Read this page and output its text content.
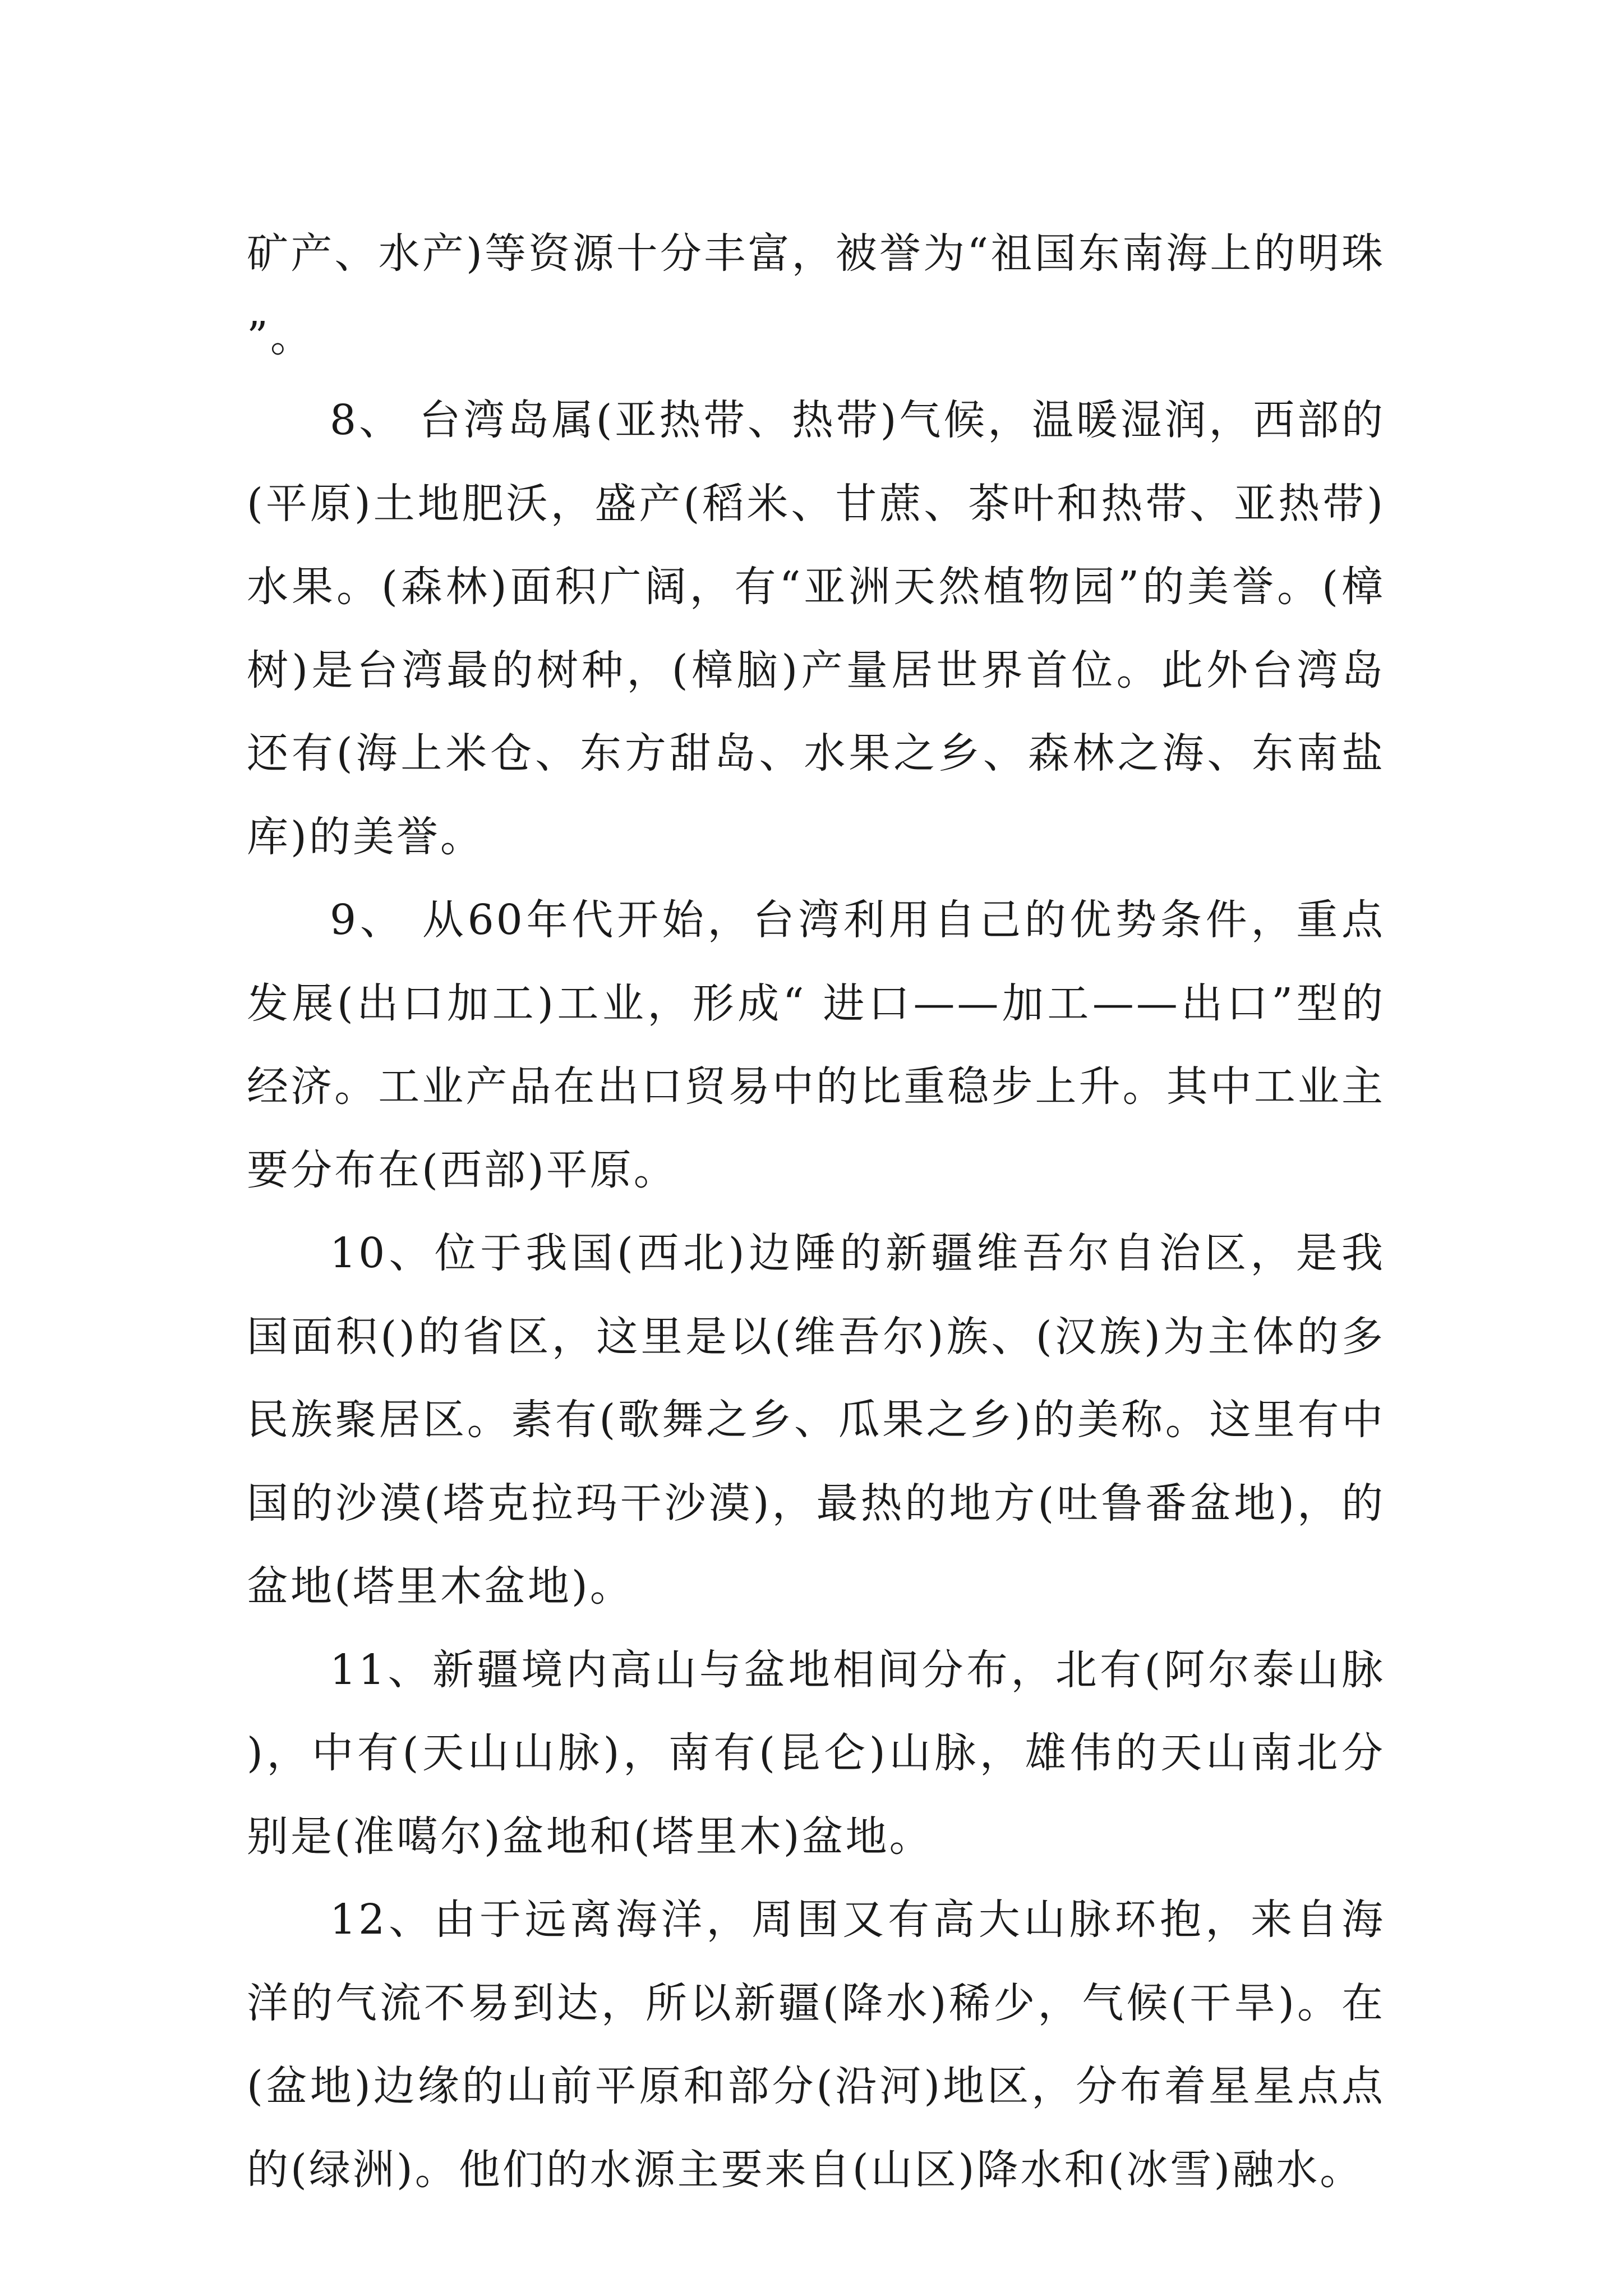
矿产、水产)等资源十分丰富，被誉为“祖国东南海上的明珠”。

8、 台湾岛属(亚热带、热带)气候，温暖湿润，西部的(平原)土地肥沃，盛产(稻米、甘蔗、茶叶和热带、亚热带)水果。(森林)面积广阔，有“亚洲天然植物园”的美誉。(樟树)是台湾最的树种，(樟脑)产量居世界首位。此外台湾岛还有(海上米仓、东方甜岛、水果之乡、森林之海、东南盐库)的美誉。

9、 从60年代开始，台湾利用自己的优势条件，重点发展(出口加工)工业，形成“ 进口——加工——出口”型的经济。工业产品在出口贸易中的比重稳步上升。其中工业主要分布在(西部)平原。

10、位于我国(西北)边陲的新疆维吾尔自治区，是我国面积()的省区，这里是以(维吾尔)族、(汉族)为主体的多民族聚居区。素有(歌舞之乡、瓜果之乡)的美称。这里有中国的沙漠(塔克拉玛干沙漠)，最热的地方(吐鲁番盆地)，的盆地(塔里木盆地)。

11、新疆境内高山与盆地相间分布，北有(阿尔泰山脉)，中有(天山山脉)，南有(昆仑)山脉，雄伟的天山南北分别是(准噶尔)盆地和(塔里木)盆地。

12、由于远离海洋，周围又有高大山脉环抱，来自海洋的气流不易到达，所以新疆(降水)稀少，气候(干旱)。在(盆地)边缘的山前平原和部分(沿河)地区，分布着星星点点的(绿洲)。他们的水源主要来自(山区)降水和(冰雪)融水。
